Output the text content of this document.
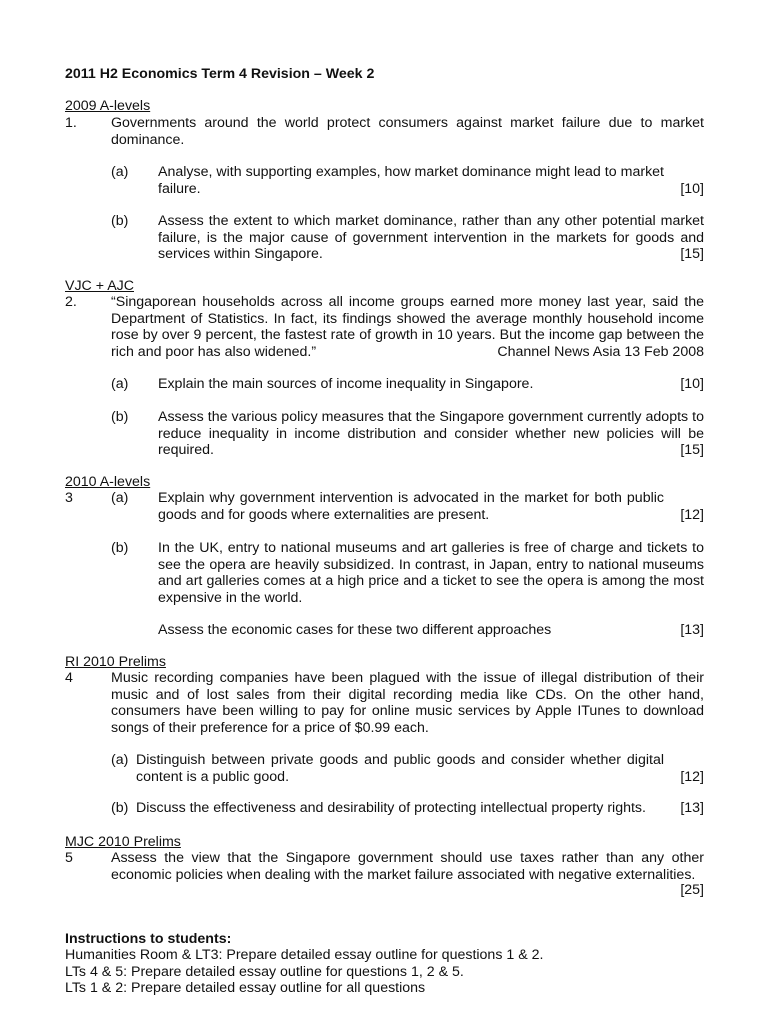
2011 H2 Economics Term 4 Revision – Week 2
2009 A-levels
1. Governments around the world protect consumers against market failure due to market dominance.
(a) Analyse, with supporting examples, how market dominance might lead to market failure.	[10]
(b) Assess the extent to which market dominance, rather than any other potential market failure, is the major cause of government intervention in the markets for goods and services within Singapore.	[15]
VJC + AJC
2. “Singaporean households across all income groups earned more money last year, said the Department of Statistics. In fact, its findings showed the average monthly household income rose by over 9 percent, the fastest rate of growth in 10 years. But the income gap between the rich and poor has also widened.”	Channel News Asia 13 Feb 2008
(a) Explain the main sources of income inequality in Singapore.	[10]
(b) Assess the various policy measures that the Singapore government currently adopts to reduce inequality in income distribution and consider whether new policies will be required.	[15]
2010 A-levels
3	(a) Explain why government intervention is advocated in the market for both public goods and for goods where externalities are present.	[12]
(b) In the UK, entry to national museums and art galleries is free of charge and tickets to see the opera are heavily subsidized. In contrast, in Japan, entry to national museums and art galleries comes at a high price and a ticket to see the opera is among the most expensive in the world.
Assess the economic cases for these two different approaches	[13]
RI 2010 Prelims
4	Music recording companies have been plagued with the issue of illegal distribution of their music and of lost sales from their digital recording media like CDs. On the other hand, consumers have been willing to pay for online music services by Apple ITunes to download songs of their preference for a price of $0.99 each.
(a) Distinguish between private goods and public goods and consider whether digital content is a public good.	[12]
(b) Discuss the effectiveness and desirability of protecting intellectual property rights. [13]
MJC 2010 Prelims
5	Assess the view that the Singapore government should use taxes rather than any other economic policies when dealing with the market failure associated with negative externalities.
[25]
Instructions to students:
Humanities Room & LT3: Prepare detailed essay outline for questions 1 & 2.
LTs 4 & 5: Prepare detailed essay outline for questions 1, 2 & 5.
LTs 1 & 2: Prepare detailed essay outline for all questions
